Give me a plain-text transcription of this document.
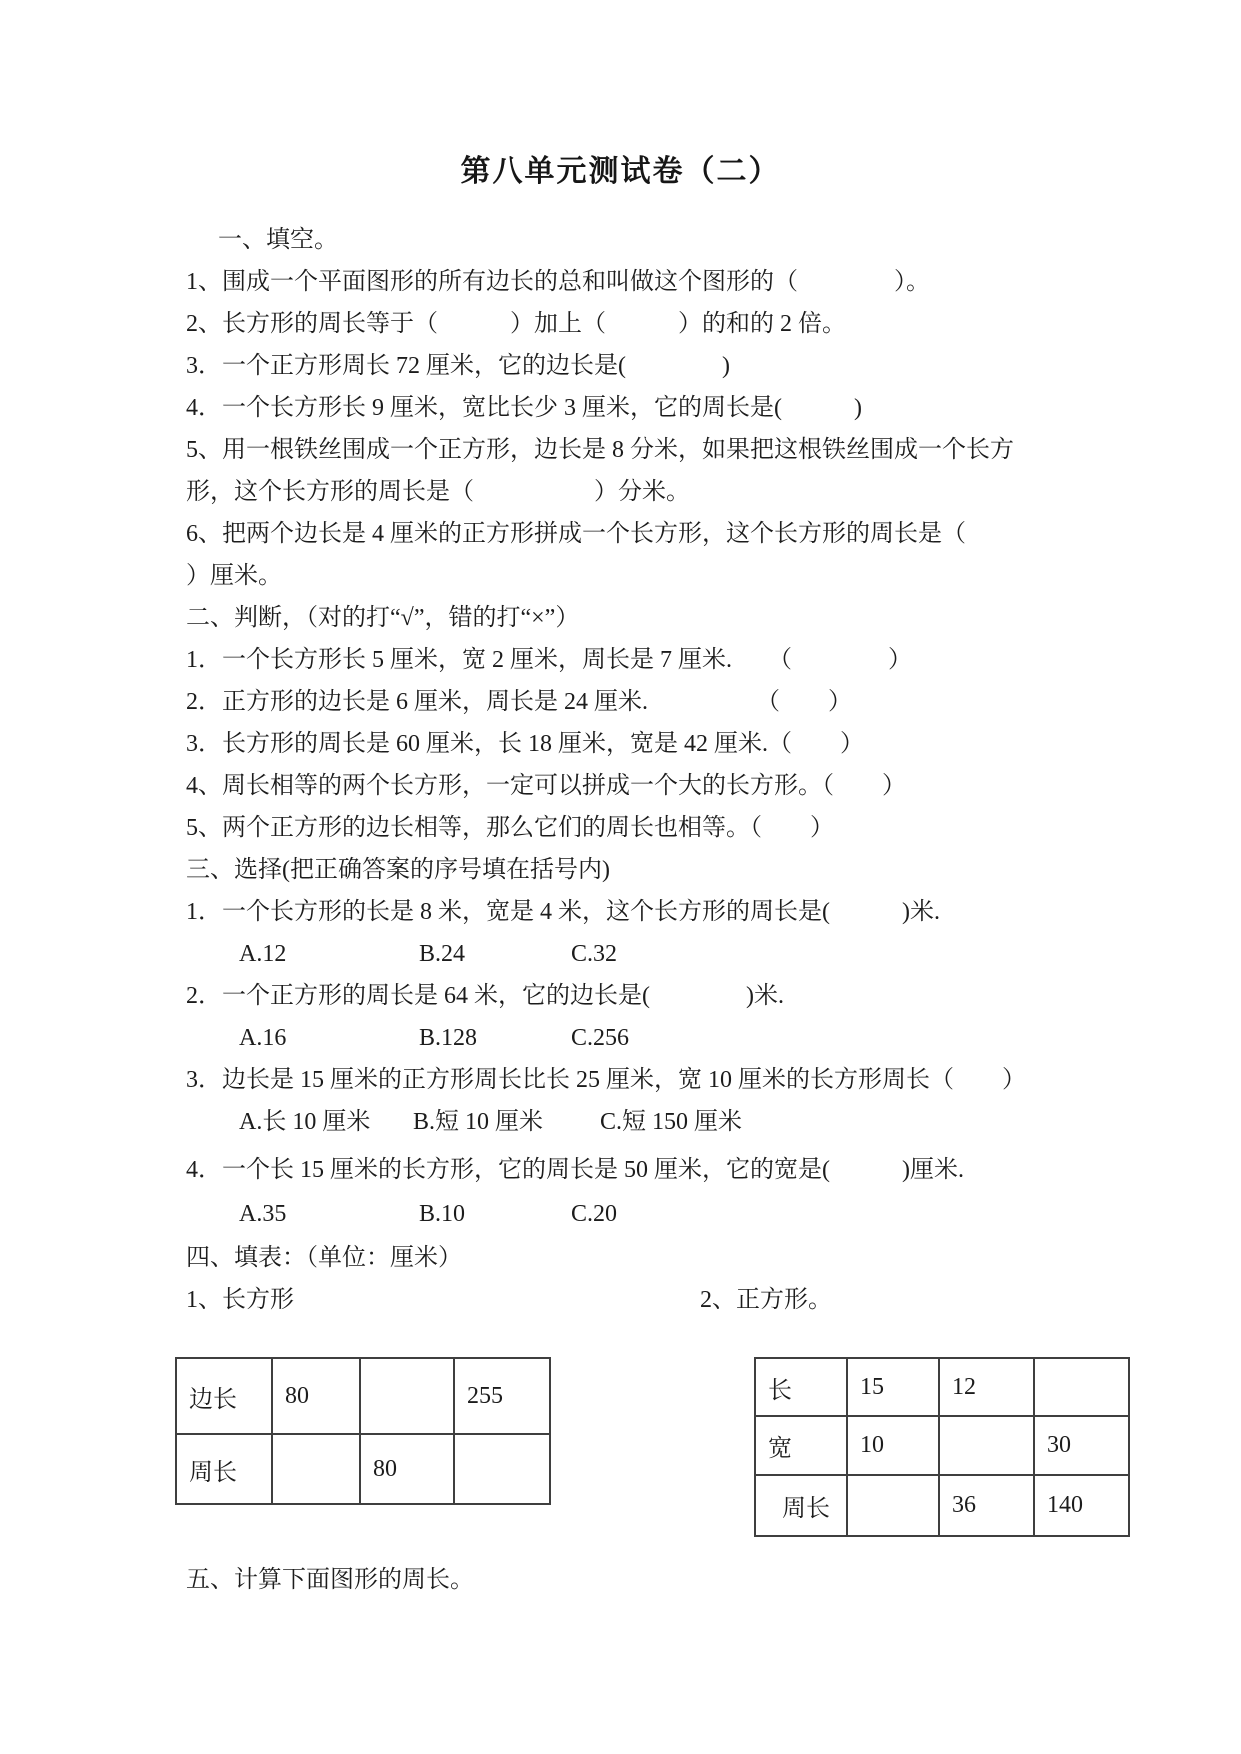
第八单元测试卷（二）
一、填空。
1、围成一个平面图形的所有边长的总和叫做这个图形的（　　　　）。
2、长方形的周长等于（　　　）加上（　　　）的和的 2 倍。
3．一个正方形周长 72 厘米，它的边长是(　　　　)
4．一个长方形长 9 厘米，宽比长少 3 厘米，它的周长是(　　　)
5、用一根铁丝围成一个正方形，边长是 8 分米，如果把这根铁丝围成一个长方
形，这个长方形的周长是（　　　　　）分米。
6、把两个边长是 4 厘米的正方形拼成一个长方形，这个长方形的周长是（
）厘米。
二、判断，（对的打“√”，错的打“×”）
1．一个长方形长 5 厘米，宽 2 厘米，周长是 7 厘米.　　（　　　　）
2．正方形的边长是 6 厘米，周长是 24 厘米.　　　　　（　　）
3．长方形的周长是 60 厘米，长 18 厘米，宽是 42 厘米.（　　）
4、周长相等的两个长方形，一定可以拼成一个大的长方形。（　　）
5、两个正方形的边长相等，那么它们的周长也相等。（　　）
三、选择(把正确答案的序号填在括号内)
1．一个长方形的长是 8 米，宽是 4 米，这个长方形的周长是(　　　)米.
A.12	B.24	C.32
2．一个正方形的周长是 64 米，它的边长是(　　　　)米.
A.16	B.128	C.256
3．边长是 15 厘米的正方形周长比长 25 厘米，宽 10 厘米的长方形周长（　　）
A.长 10 厘米 B.短 10 厘米 C.短 150 厘米
4．一个长 15 厘米的长方形，它的周长是 50 厘米，它的宽是(　　　)厘米.
A.35	B.10	C.20
四、填表：（单位：厘米）
1、长方形	2、正方形。
边长	80		255
周长		80	
长	15	12	
宽	10		30
周长		36	140
五、计算下面图形的周长。
